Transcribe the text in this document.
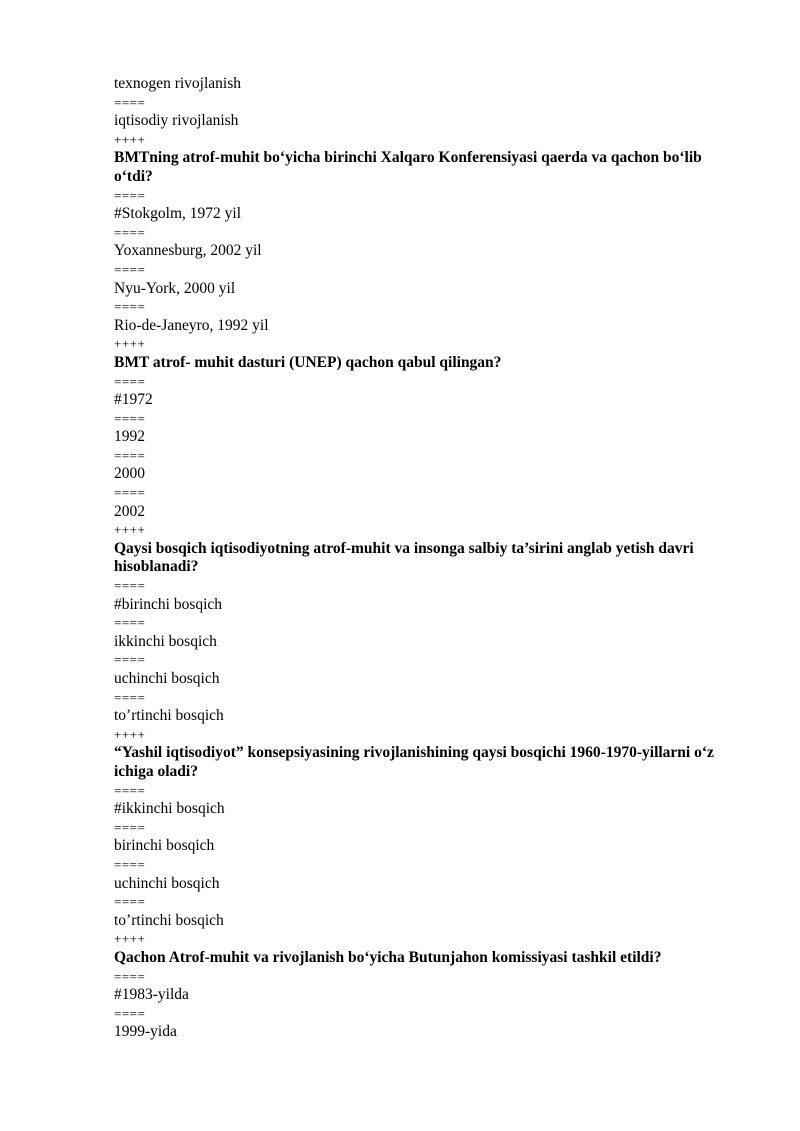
texnogen rivojlanish
====
iqtisodiy rivojlanish
++++
BMTning atrof-muhit bo‘yicha birinchi Xalqaro Konferensiyasi qaerda va qachon bo‘lib o‘tdi?
====
#Stokgolm, 1972 yil
====
Yoxannesburg, 2002 yil
====
Nyu-York, 2000 yil
====
Rio-de-Janeyro, 1992 yil
++++
BMT atrof- muhit dasturi (UNEP) qachon qabul qilingan?
====
#1972
====
1992
====
2000
====
2002
++++
Qaysi bosqich iqtisodiyotning atrof-muhit va insonga salbiy ta’sirini anglab yetish davri hisoblanadi?
====
#birinchi bosqich
====
ikkinchi bosqich
====
uchinchi bosqich
====
to’rtinchi bosqich
++++
“Yashil iqtisodiyot” konsepsiyasining rivojlanishining qaysi bosqichi 1960-1970-yillarni o‘z ichiga oladi?
====
#ikkinchi bosqich
====
birinchi bosqich
====
uchinchi bosqich
====
to’rtinchi bosqich
++++
Qachon Atrof-muhit va rivojlanish bo‘yicha Butunjahon komissiyasi tashkil etildi?
====
#1983-yilda
====
1999-yida
